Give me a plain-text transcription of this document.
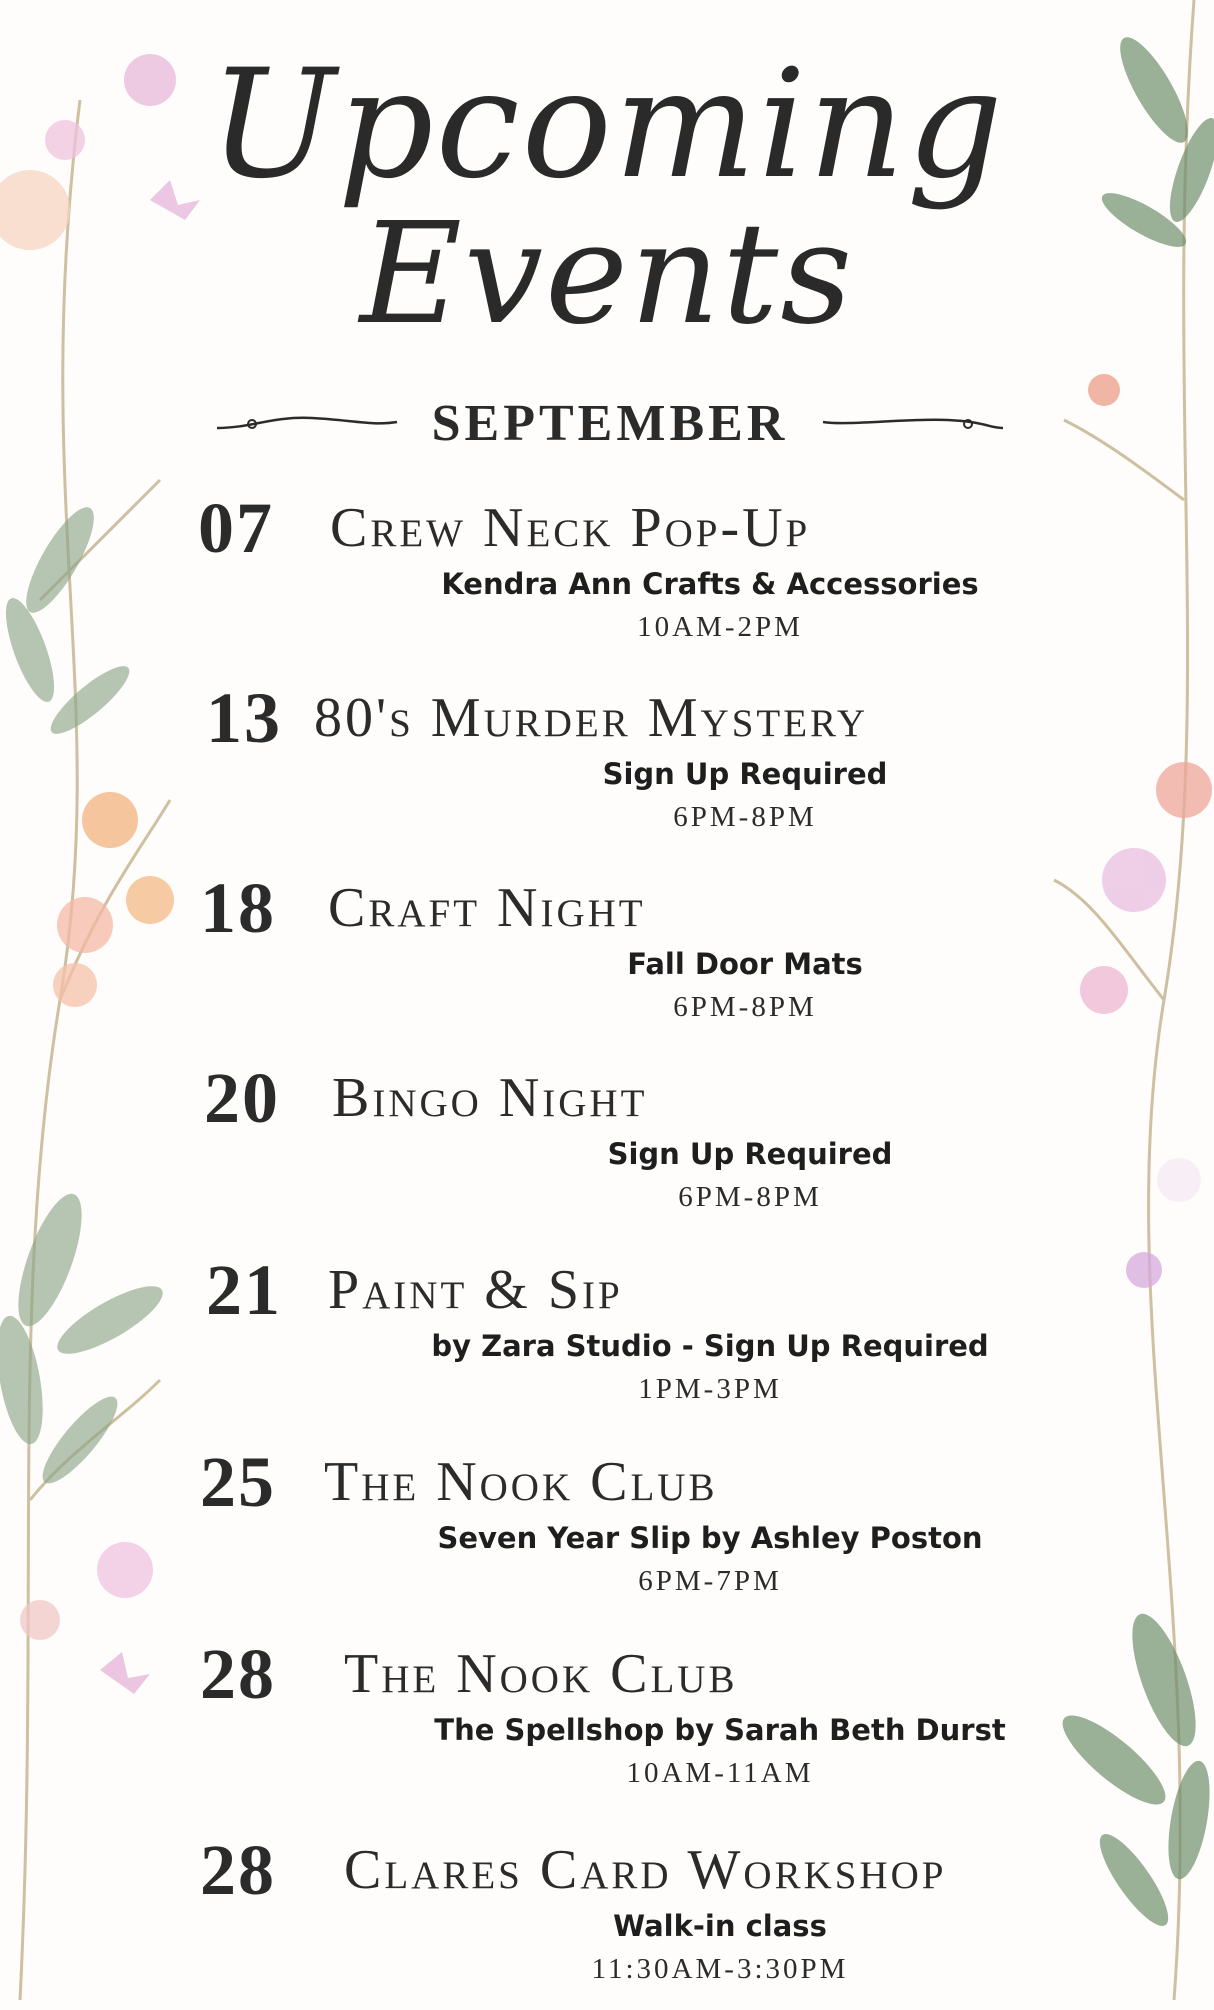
Upcoming
Events
SEPTEMBER
07 Crew Neck Pop-Up
Kendra Ann Crafts & Accessories
10AM-2PM
13 80's Murder Mystery
Sign Up Required
6PM-8PM
18 Craft Night
Fall Door Mats
6PM-8PM
20 Bingo Night
Sign Up Required
6PM-8PM
21 Paint & Sip
by Zara Studio - Sign Up Required
1PM-3PM
25 The Nook Club
Seven Year Slip by Ashley Poston
6PM-7PM
28 The Nook Club
The Spellshop by Sarah Beth Durst
10AM-11AM
28 Clares Card Workshop
Walk-in class
11:30AM-3:30PM
